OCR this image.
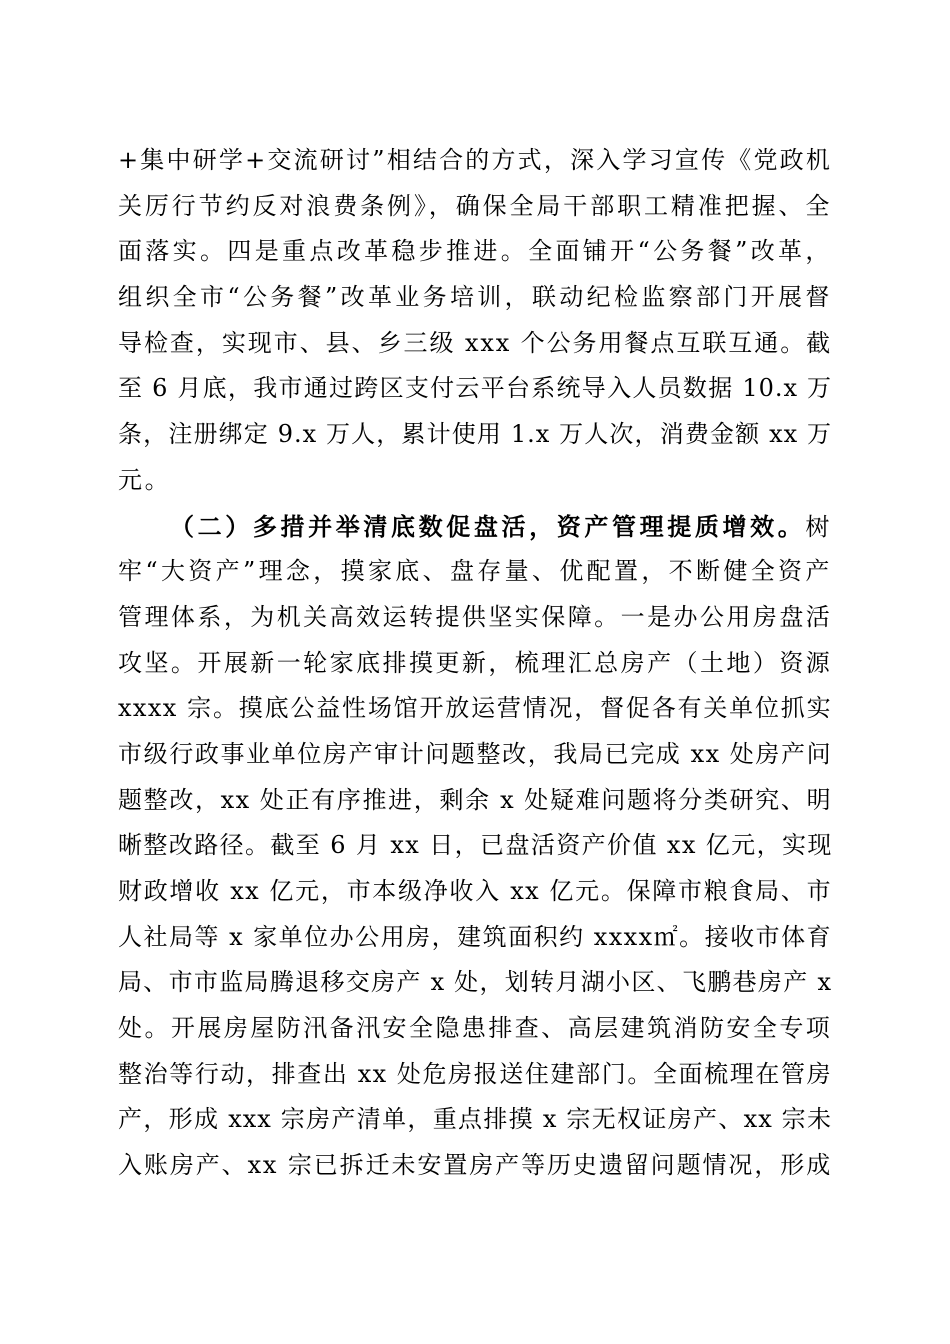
+集中研学+交流研讨”相结合的方式，深入学习宣传《党政机
关厉行节约反对浪费条例》，确保全局干部职工精准把握、全
面落实。四是重点改革稳步推进。全面铺开“公务餐”改革，
组织全市“公务餐”改革业务培训，联动纪检监察部门开展督
导检查，实现市、县、乡三级 xxx 个公务用餐点互联互通。截
至 6 月底，我市通过跨区支付云平台系统导入人员数据 10.x 万
条，注册绑定 9.x 万人，累计使用 1.x 万人次，消费金额 xx 万
元。
（二）多措并举清底数促盘活，资产管理提质增效。树
牢“大资产”理念，摸家底、盘存量、优配置，不断健全资产
管理体系，为机关高效运转提供坚实保障。一是办公用房盘活
攻坚。开展新一轮家底排摸更新，梳理汇总房产（土地）资源
xxxx 宗。摸底公益性场馆开放运营情况，督促各有关单位抓实
市级行政事业单位房产审计问题整改，我局已完成 xx 处房产问
题整改，xx 处正有序推进，剩余 x 处疑难问题将分类研究、明
晰整改路径。截至 6 月 xx 日，已盘活资产价值 xx 亿元，实现
财政增收 xx 亿元，市本级净收入 xx 亿元。保障市粮食局、市
人社局等 x 家单位办公用房，建筑面积约 xxxx㎡。接收市体育
局、市市监局腾退移交房产 x 处，划转月湖小区、飞鹏巷房产 x
处。开展房屋防汛备汛安全隐患排查、高层建筑消防安全专项
整治等行动，排查出 xx 处危房报送住建部门。全面梳理在管房
产，形成 xxx 宗房产清单，重点排摸 x 宗无权证房产、xx 宗未
入账房产、xx 宗已拆迁未安置房产等历史遗留问题情况，形成
